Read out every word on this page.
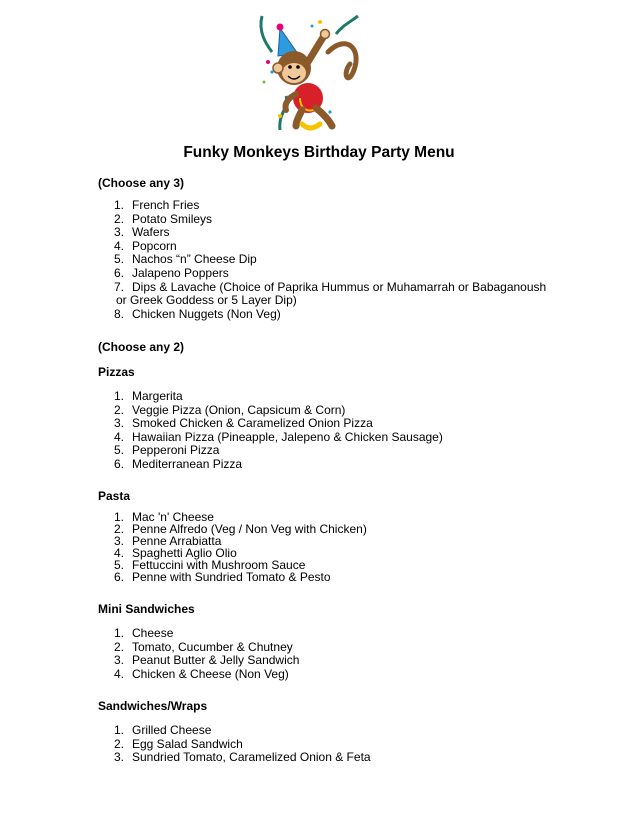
Funky Monkeys Birthday Party Menu
(Choose any 3)
1. French Fries
2. Potato Smileys
3. Wafers
4. Popcorn
5. Nachos “n” Cheese Dip
6. Jalapeno Poppers
7. Dips & Lavache (Choice of Paprika Hummus or Muhamarrah or Babaganoush
or Greek Goddess or 5 Layer Dip)
8. Chicken Nuggets (Non Veg)
(Choose any 2)
Pizzas
1. Margerita
2. Veggie Pizza (Onion, Capsicum & Corn)
3. Smoked Chicken & Caramelized Onion Pizza
4. Hawaiian Pizza (Pineapple, Jalepeno & Chicken Sausage)
5. Pepperoni Pizza
6. Mediterranean Pizza
Pasta
1. Mac 'n' Cheese
2. Penne Alfredo (Veg / Non Veg with Chicken)
3. Penne Arrabiatta
4. Spaghetti Aglio Olio
5. Fettuccini with Mushroom Sauce
6. Penne with Sundried Tomato & Pesto
Mini Sandwiches
1. Cheese
2. Tomato, Cucumber & Chutney
3. Peanut Butter & Jelly Sandwich
4. Chicken & Cheese (Non Veg)
Sandwiches/Wraps
1. Grilled Cheese
2. Egg Salad Sandwich
3. Sundried Tomato, Caramelized Onion & Feta
